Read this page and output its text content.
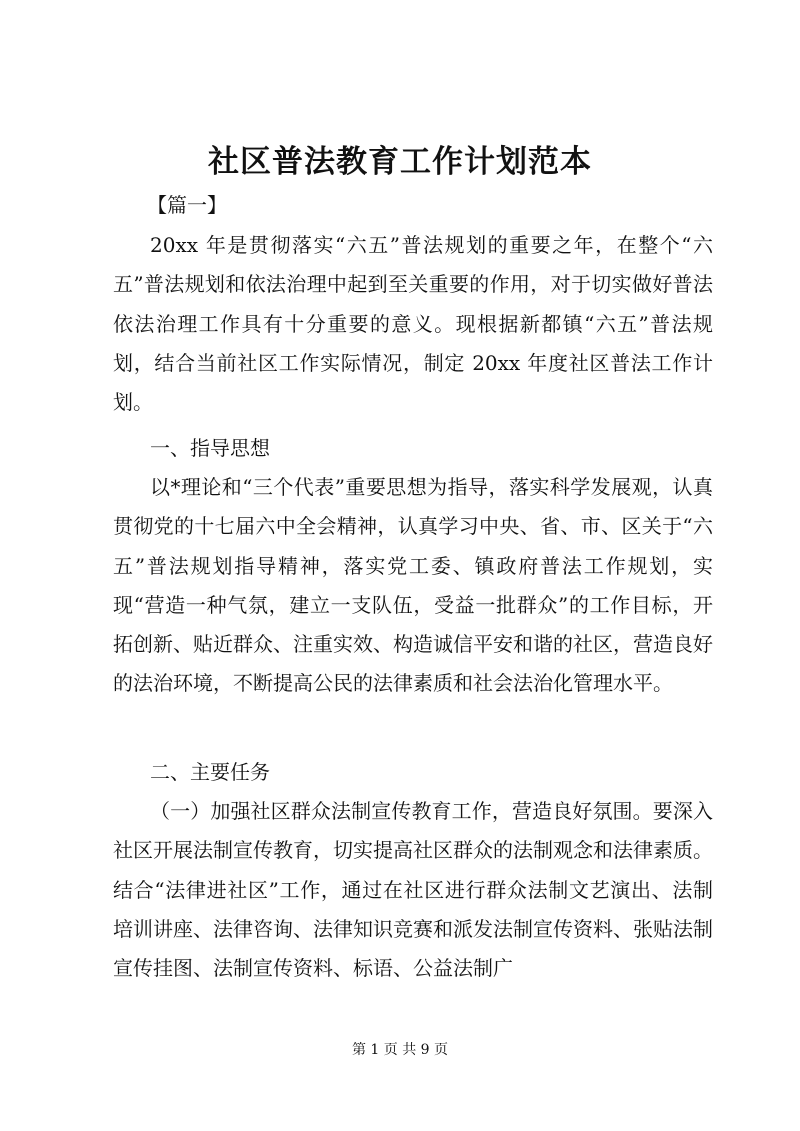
社区普法教育工作计划范本
【篇一】

20xx 年是贯彻落实“六五”普法规划的重要之年，在整个“六五”普法规划和依法治理中起到至关重要的作用，对于切实做好普法依法治理工作具有十分重要的意义。现根据新都镇“六五”普法规划，结合当前社区工作实际情况，制定 20xx 年度社区普法工作计划。

一、指导思想

以*理论和“三个代表”重要思想为指导，落实科学发展观，认真贯彻党的十七届六中全会精神，认真学习中央、省、市、区关于“六五”普法规划指导精神，落实党工委、镇政府普法工作规划，实现“营造一种气氛，建立一支队伍，受益一批群众”的工作目标，开拓创新、贴近群众、注重实效、构造诚信平安和谐的社区，营造良好的法治环境，不断提高公民的法律素质和社会法治化管理水平。

二、主要任务

（一）加强社区群众法制宣传教育工作，营造良好氛围。要深入社区开展法制宣传教育，切实提高社区群众的法制观念和法律素质。结合“法律进社区”工作，通过在社区进行群众法制文艺演出、法制培训讲座、法律咨询、法律知识竞赛和派发法制宣传资料、张贴法制宣传挂图、法制宣传资料、标语、公益法制广

第 1 页 共 9 页
